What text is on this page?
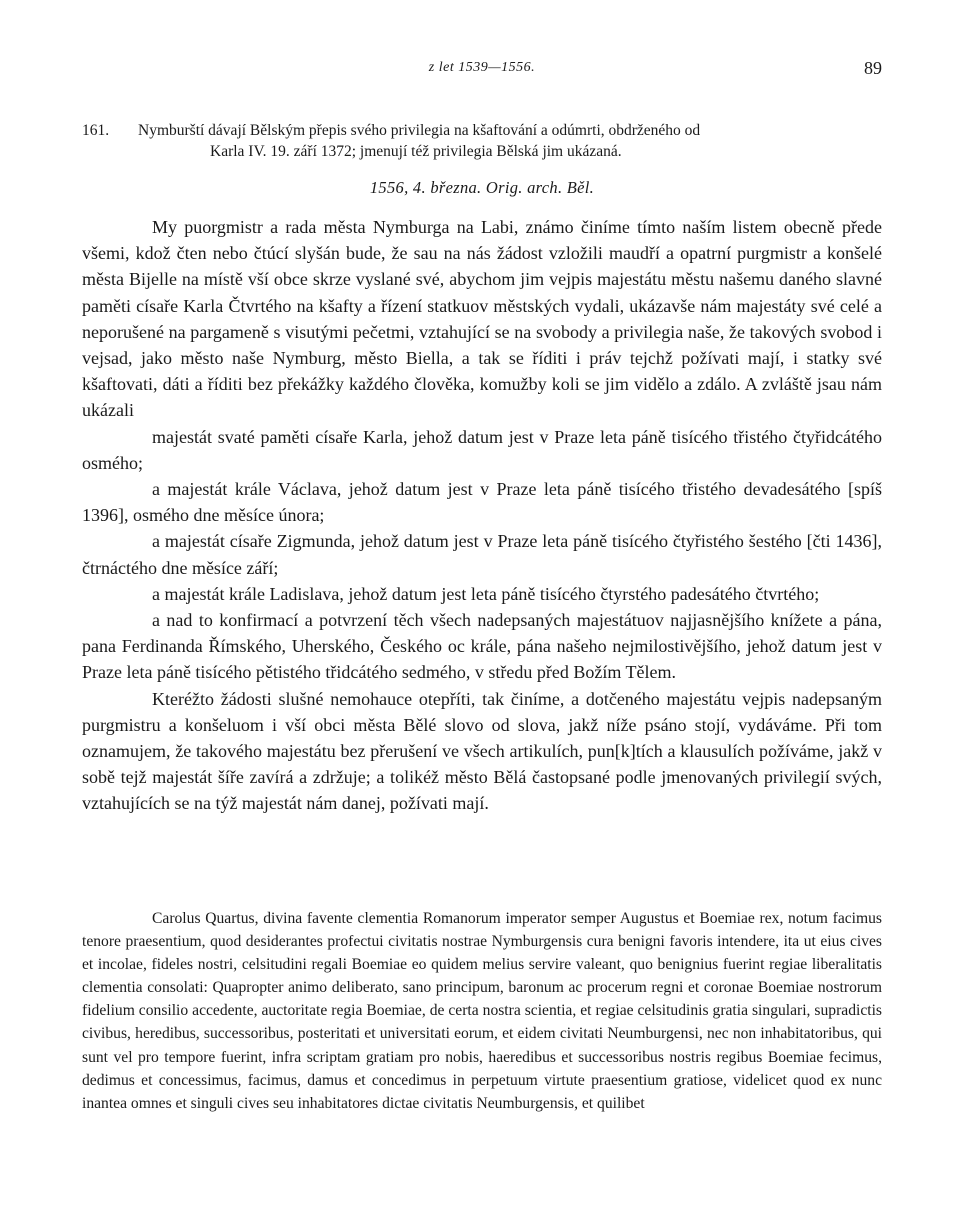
z let 1539—1556.	89
161. Nymburští dávají Bělským přepis svého privilegia na kšaftování a odúmrti, obdrženého od
Karla IV. 19. září 1372; jmenují též privilegia Bělská jim ukázaná.
1556, 4. března. Orig. arch. Běl.

My puorgmistr a rada města Nymburga na Labi, známo činíme tímto naším listem obecně přede všemi, kdož čten nebo čtúcí slyšán bude, že sau na nás žádost vzložili maudří a opatrní purgmistr a konšelé města Bijelle na místě vší obce skrze vyslané své, abychom jim vejpis majestátu městu našemu daného slavné paměti císaře Karla Čtvrtého na kšafty a řízení statkuov městských vydali, ukázavše nám majestáty své celé a neporušené na pargameně s visutými pečetmi, vztahující se na svobody a privilegia naše, že takových svobod i vejsad, jako město naše Nymburg, město Biella, a tak se říditi i práv tejchž požívati mají, i statky své kšaftovati, dáti a říditi bez překážky každého člověka, komužby koli se jim vidělo a zdálo. A zvláště jsau nám ukázali

majestát svaté paměti císaře Karla, jehož datum jest v Praze leta páně tisícého třistého čtyřidcátého osmého;

a majestát krále Václava, jehož datum jest v Praze leta páně tisícého třistého devadesátého [spíš 1396], osmého dne měsíce února;

a majestát císaře Zigmunda, jehož datum jest v Praze leta páně tisícého čtyřistého šestého [čti 1436], čtrnáctého dne měsíce září;

a majestát krále Ladislava, jehož datum jest leta páně tisícého čtyrstého padesátého čtvrtého;

a nad to konfirmací a potvrzení těch všech nadepsaných majestátuov najjasnějšího knížete a pána, pana Ferdinanda Římského, Uherského, Českého oc krále, pána našeho nejmilostivějšího, jehož datum jest v Praze leta páně tisícého pětistého třidcátého sedmého, v středu před Božím Tělem.

Kteréžto žádosti slušné nemohauce otepříti, tak činíme, a dotčeného majestátu vejpis nadepsaným purgmistru a konšeluom i vší obci města Bělé slovo od slova, jakž níže psáno stojí, vydáváme. Při tom oznamujem, že takového majestátu bez přerušení ve všech artikulích, pun[k]tích a klausulích požíváme, jakž v sobě tejž majestát šíře zavírá a zdržuje; a tolikéž město Bělá častopsané podle jmenovaných privilegií svých, vztahujících se na týž majestát nám danej, požívati mají.

Carolus Quartus, divina favente clementia Romanorum imperator semper Augustus et Boemiae rex, notum facimus tenore praesentium, quod desiderantes profectui civitatis nostrae Nymburgensis cura benigni favoris intendere, ita ut eius cives et incolae, fideles nostri, celsitudini regali Boemiae eo quidem melius servire valeant, quo benignius fuerint regiae liberalitatis clementia consolati: Quapropter animo deliberato, sano principum, baronum ac procerum regni et coronae Boemiae nostrorum fidelium consilio accedente, auctoritate regia Boemiae, de certa nostra scientia, et regiae celsitudinis gratia singulari, supradictis civibus, heredibus, successoribus, posteritati et universitati eorum, et eidem civitati Neumburgensi, nec non inhabitatoribus, qui sunt vel pro tempore fuerint, infra scriptam gratiam pro nobis, haeredibus et successoribus nostris regibus Boemiae fecimus, dedimus et concessimus, facimus, damus et concedimus in perpetuum virtute praesentium gratiose, videlicet quod ex nunc inantea omnes et singuli cives seu inhabitatores dictae civitatis Neumburgensis, et quilibet
